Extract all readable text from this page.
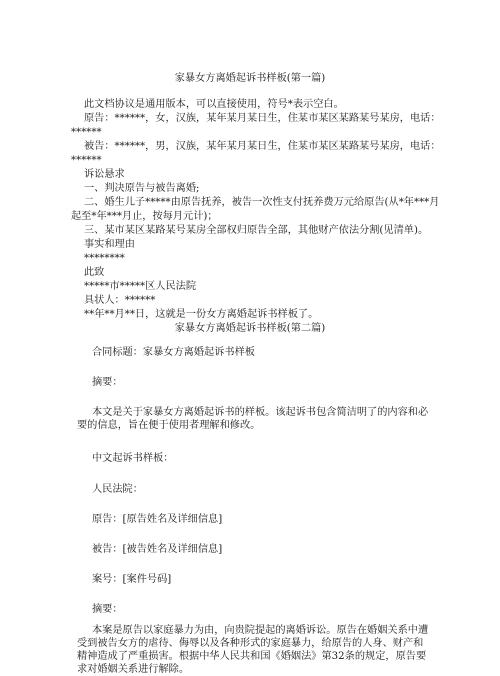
家暴女方离婚起诉书样板(第一篇)
此文档协议是通用版本，可以直接使用，符号*表示空白。
原告：******，女，汉族，某年某月某日生，住某市某区某路某号某房，电话：
******
被告：******，男，汉族，某年某月某日生，住某市某区某路某号某房，电话：
******
诉讼悬求
一、判决原告与被告离婚;
二、婚生儿子*****由原告抚养，被告一次性支付抚养费万元给原告(从*年***月
起至*年***月止，按每月元计)；
三、某市某区某路某号某房全部权归原告全部，其他财产依法分割(见清单)。
事实和理由
********
此致
*****市*****区人民法院
具状人：******
**年**月**日，这就是一份女方离婚起诉书样板了。
家暴女方离婚起诉书样板(第二篇)
合同标题：家暴女方离婚起诉书样板
摘要：
本文是关于家暴女方离婚起诉书的样板。该起诉书包含简洁明了的内容和必要的信息，旨在便于使用者理解和修改。
中文起诉书样板：
人民法院：
原告：[原告姓名及详细信息]
被告：[被告姓名及详细信息]
案号：[案件号码]
摘要：
本案是原告以家庭暴力为由，向贵院提起的离婚诉讼。原告在婚姻关系中遭受到被告女方的虐待、侮辱以及各种形式的家庭暴力，给原告的人身、财产和精神造成了严重损害。根据中华人民共和国《婚姻法》第32条的规定，原告要求对婚姻关系进行解除。
